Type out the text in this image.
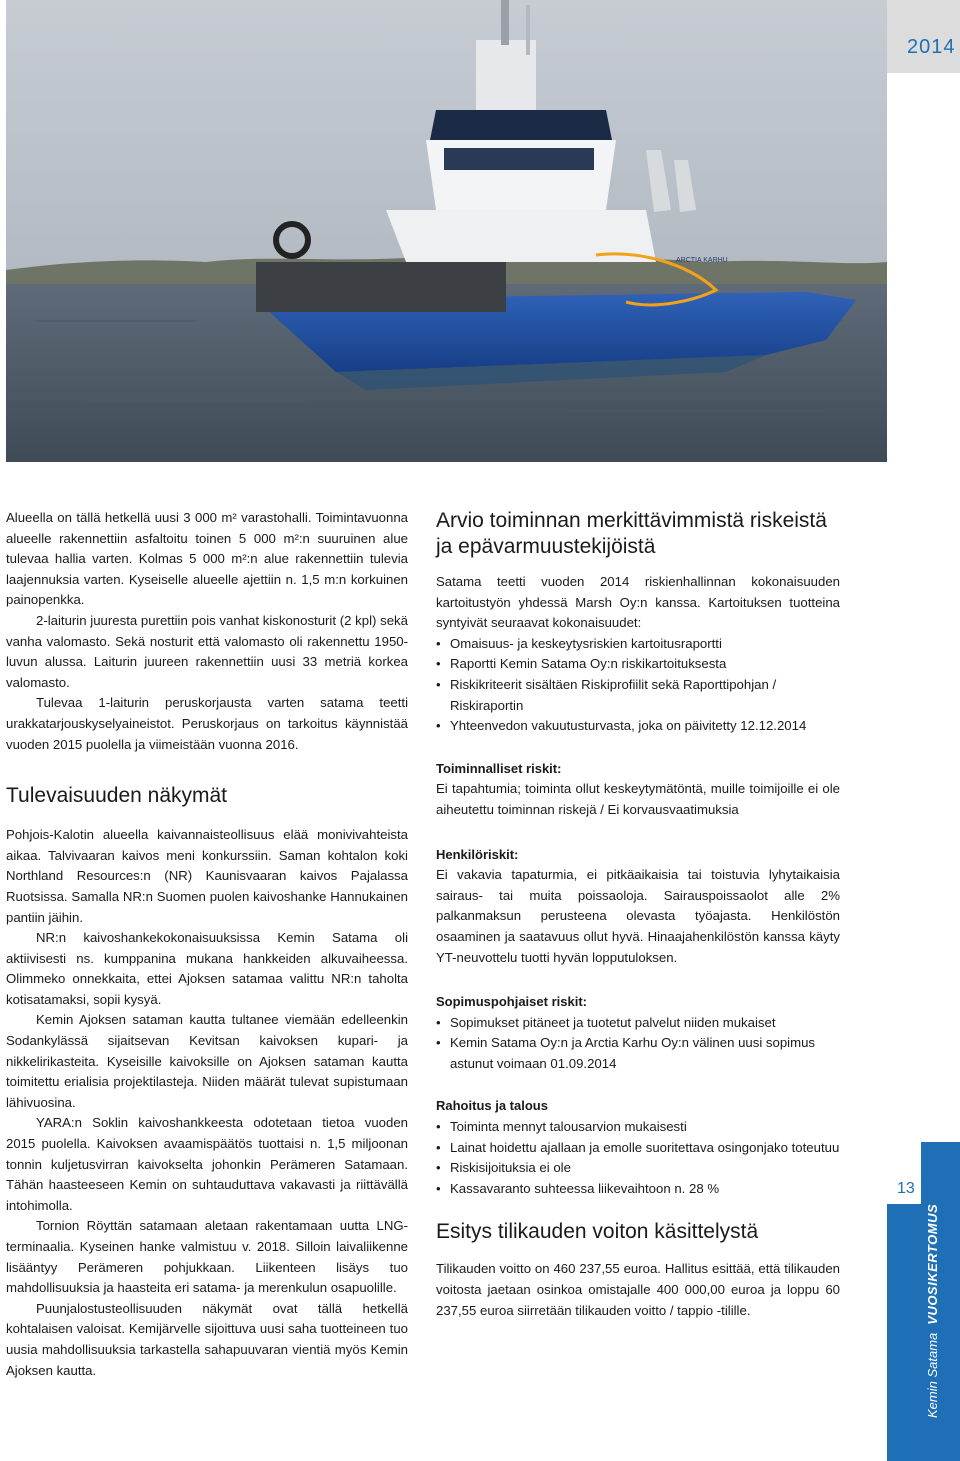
ARCTIA KARHU
2014

Alueella on tällä hetkellä uusi 3 000 m² varastohalli. Toimintavuonna alueelle rakennettiin asfaltoitu toinen 5 000 m²:n suuruinen alue tulevaa hallia varten. Kolmas 5 000 m²:n alue rakennettiin tulevia laajennuksia varten. Kyseiselle alueelle ajettiin n. 1,5 m:n korkuinen painopenkka.

2-laiturin juuresta purettiin pois vanhat kiskonosturit (2 kpl) sekä vanha valomasto. Sekä nosturit että valomasto oli rakennettu 1950-luvun alussa. Laiturin juureen rakennettiin uusi 33 metriä korkea valomasto.

Tulevaa 1-laiturin peruskorjausta varten satama teetti urakkatarjouskyselyaineistot. Peruskorjaus on tarkoitus käynnistää vuoden 2015 puolella ja viimeistään vuonna 2016.

Tulevaisuuden näkymät

Pohjois-Kalotin alueella kaivannaisteollisuus elää monivivahteista aikaa. Talvivaaran kaivos meni konkurssiin. Saman kohtalon koki Northland Resources:n (NR) Kaunisvaaran kaivos Pajalassa Ruotsissa. Samalla NR:n Suomen puolen kaivoshanke Hannukainen pantiin jäihin.

NR:n kaivoshankekokonaisuuksissa Kemin Satama oli aktiivisesti ns. kumppanina mukana hankkeiden alkuvaiheessa. Olimmeko onnekkaita, ettei Ajoksen satamaa valittu NR:n taholta kotisatamaksi, sopii kysyä.

Kemin Ajoksen sataman kautta tultanee viemään edelleenkin Sodankylässä sijaitsevan Kevitsan kaivoksen kupari- ja nikkelirikasteita. Kyseisille kaivoksille on Ajoksen sataman kautta toimitettu erialisia projektilasteja. Niiden määrät tulevat supistumaan lähivuosina.

YARA:n Soklin kaivoshankkeesta odotetaan tietoa vuoden 2015 puolella. Kaivoksen avaamispäätös tuottaisi n. 1,5 miljoonan tonnin kuljetusvirran kaivokselta johonkin Perämeren Satamaan. Tähän haasteeseen Kemin on suhtauduttava vakavasti ja riittävällä intohimolla.

Tornion Röyttän satamaan aletaan rakentamaan uutta LNG-terminaalia. Kyseinen hanke valmistuu v. 2018. Silloin laivaliikenne lisääntyy Perämeren pohjukkaan. Liikenteen lisäys tuo mahdollisuuksia ja haasteita eri satama- ja merenkulun osapuolille.

Puunjalostusteollisuuden näkymät ovat tällä hetkellä kohtalaisen valoisat. Kemijärvelle sijoittuva uusi saha tuotteineen tuo uusia mahdollisuuksia tarkastella sahapuuvaran vientiä myös Kemin Ajoksen kautta.

Arvio toiminnan merkittävimmistä riskeistä ja epävarmuustekijöistä

Satama teetti vuoden 2014 riskienhallinnan kokonaisuuden kartoitustyön yhdessä Marsh Oy:n kanssa. Kartoituksen tuotteina syntyivät seuraavat kokonaisuudet:

• Omaisuus- ja keskeytysriskien kartoitusraportti
• Raportti Kemin Satama Oy:n riskikartoituksesta
• Riskikriteerit sisältäen Riskiprofiilit sekä Raporttipohjan / Riskiraportin
• Yhteenvedon vakuutusturvasta, joka on päivitetty 12.12.2014
Toiminnalliset riskit:

Ei tapahtumia; toiminta ollut keskeytymätöntä, muille toimijoille ei ole aiheutettu toiminnan riskejä / Ei korvausvaatimuksia

Henkilöriskit:

Ei vakavia tapaturmia, ei pitkäaikaisia tai toistuvia lyhytaikaisia sairaus- tai muita poissaoloja. Sairauspoissaolot alle 2% palkanmaksun perusteena olevasta työajasta. Henkilöstön osaaminen ja saatavuus ollut hyvä. Hinaajahenkilöstön kanssa käyty YT-neuvottelu tuotti hyvän lopputuloksen.

Sopimuspohjaiset riskit:
• Sopimukset pitäneet ja tuotetut palvelut niiden mukaiset
• Kemin Satama Oy:n ja Arctia Karhu Oy:n välinen uusi sopimus astunut voimaan 01.09.2014
Rahoitus ja talous
• Toiminta mennyt talousarvion mukaisesti
• Lainat hoidettu ajallaan ja emolle suoritettava osingonjako toteutuu
• Riskisijoituksia ei ole
• Kassavaranto suhteessa liikevaihtoon n. 28 %
Esitys tilikauden voiton käsittelystä

Tilikauden voitto on 460 237,55 euroa. Hallitus esittää, että tilikauden voitosta jaetaan osinkoa omistajalle 400 000,00 euroa ja loppu 60 237,55 euroa siirretään tilikauden voitto / tappio -tilille.

13
Kemin SatamaVUOSIKERTOMUS
